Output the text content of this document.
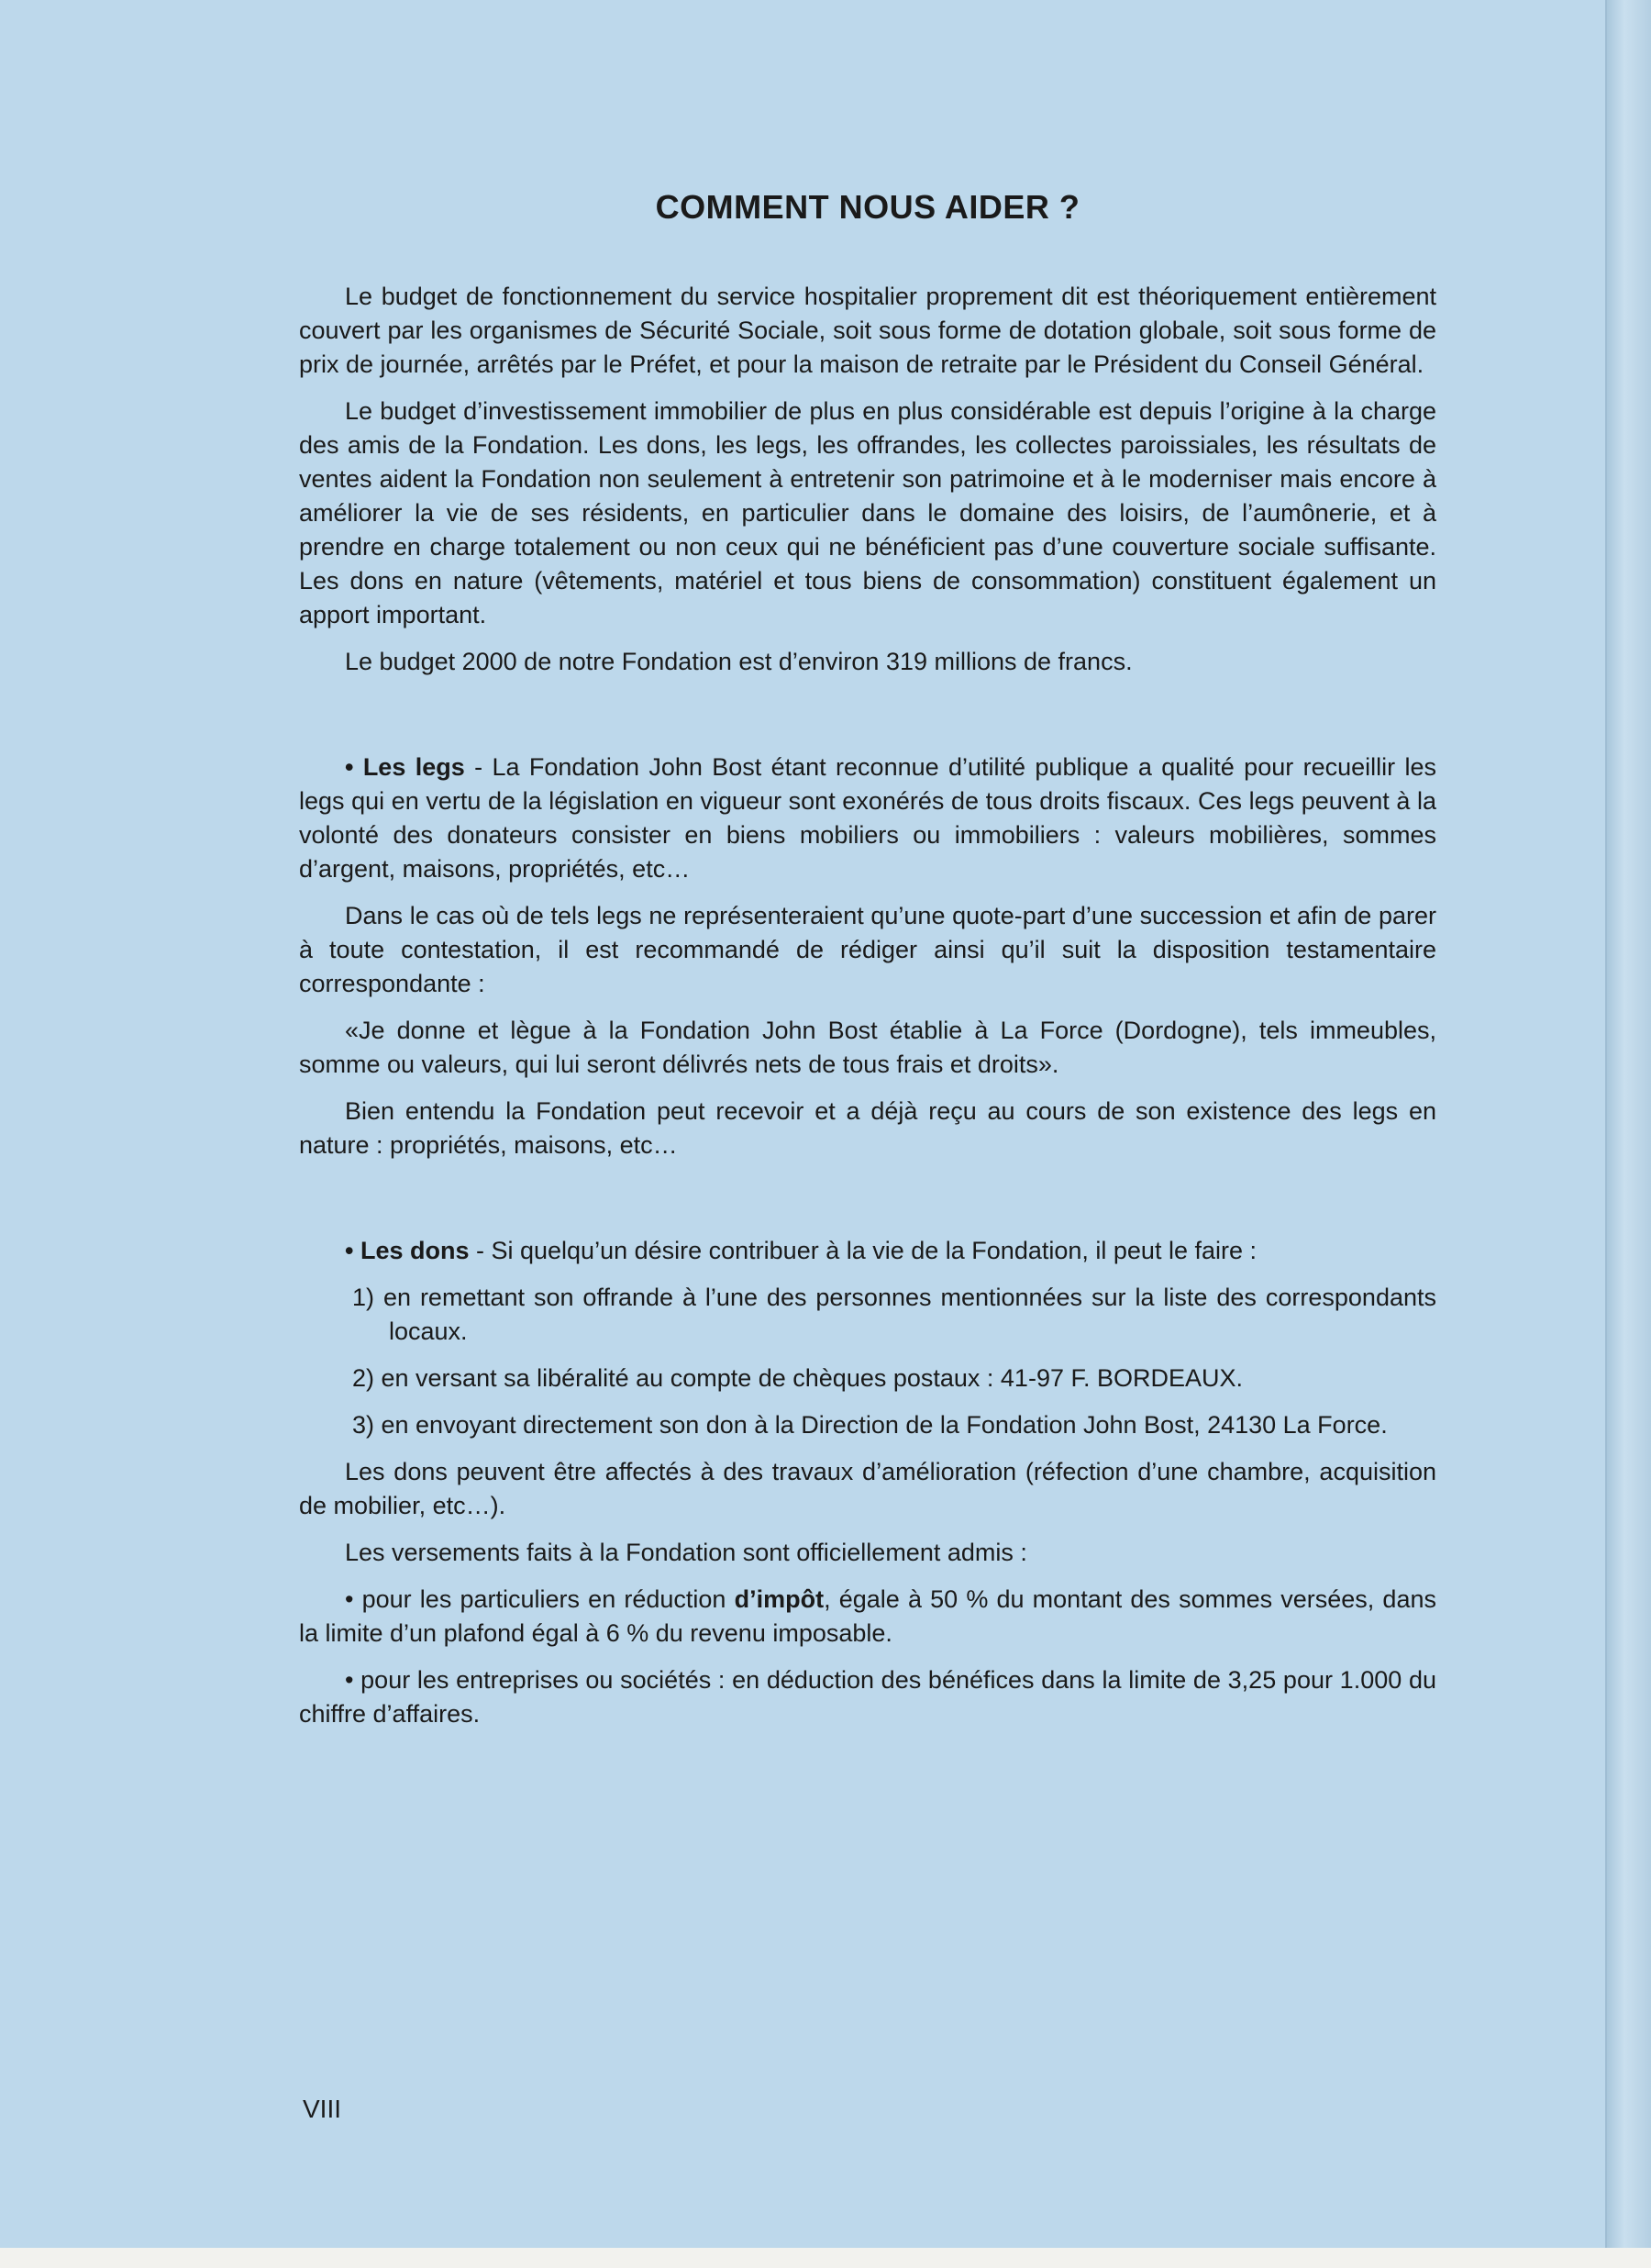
COMMENT NOUS AIDER ?

Le budget de fonctionnement du service hospitalier proprement dit est théoriquement entièrement couvert par les organismes de Sécurité Sociale, soit sous forme de dotation globale, soit sous forme de prix de journée, arrêtés par le Préfet, et pour la maison de retraite par le Président du Conseil Général.

Le budget d’investissement immobilier de plus en plus considérable est depuis l’origine à la charge des amis de la Fondation. Les dons, les legs, les offrandes, les collectes paroissiales, les résultats de ventes aident la Fondation non seulement à entretenir son patrimoine et à le moderniser mais encore à améliorer la vie de ses résidents, en particulier dans le domaine des loisirs, de l’aumônerie, et à prendre en charge totalement ou non ceux qui ne bénéficient pas d’une couverture sociale suffisante. Les dons en nature (vêtements, matériel et tous biens de consommation) constituent également un apport important.

Le budget 2000 de notre Fondation est d’environ 319 millions de francs.

• Les legs - La Fondation John Bost étant reconnue d’utilité publique a qualité pour recueillir les legs qui en vertu de la législation en vigueur sont exonérés de tous droits fiscaux. Ces legs peuvent à la volonté des donateurs consister en biens mobiliers ou immobiliers : valeurs mobilières, sommes d’argent, maisons, propriétés, etc…

Dans le cas où de tels legs ne représenteraient qu’une quote-part d’une succession et afin de parer à toute contestation, il est recommandé de rédiger ainsi qu’il suit la disposition testamentaire correspondante :

«Je donne et lègue à la Fondation John Bost établie à La Force (Dordogne), tels immeubles, somme ou valeurs, qui lui seront délivrés nets de tous frais et droits».

Bien entendu la Fondation peut recevoir et a déjà reçu au cours de son existence des legs en nature : propriétés, maisons, etc…

• Les dons - Si quelqu’un désire contribuer à la vie de la Fondation, il peut le faire :

1) en remettant son offrande à l’une des personnes mentionnées sur la liste des correspondants locaux.

2) en versant sa libéralité au compte de chèques postaux : 41-97 F. BORDEAUX.

3) en envoyant directement son don à la Direction de la Fondation John Bost, 24130 La Force.

Les dons peuvent être affectés à des travaux d’amélioration (réfection d’une chambre, acquisition de mobilier, etc…).

Les versements faits à la Fondation sont officiellement admis :

• pour les particuliers en réduction d’impôt, égale à 50 % du montant des sommes versées, dans la limite d’un plafond égal à 6 % du revenu imposable.

• pour les entreprises ou sociétés : en déduction des bénéfices dans la limite de 3,25 pour 1.000 du chiffre d’affaires.

VIII
